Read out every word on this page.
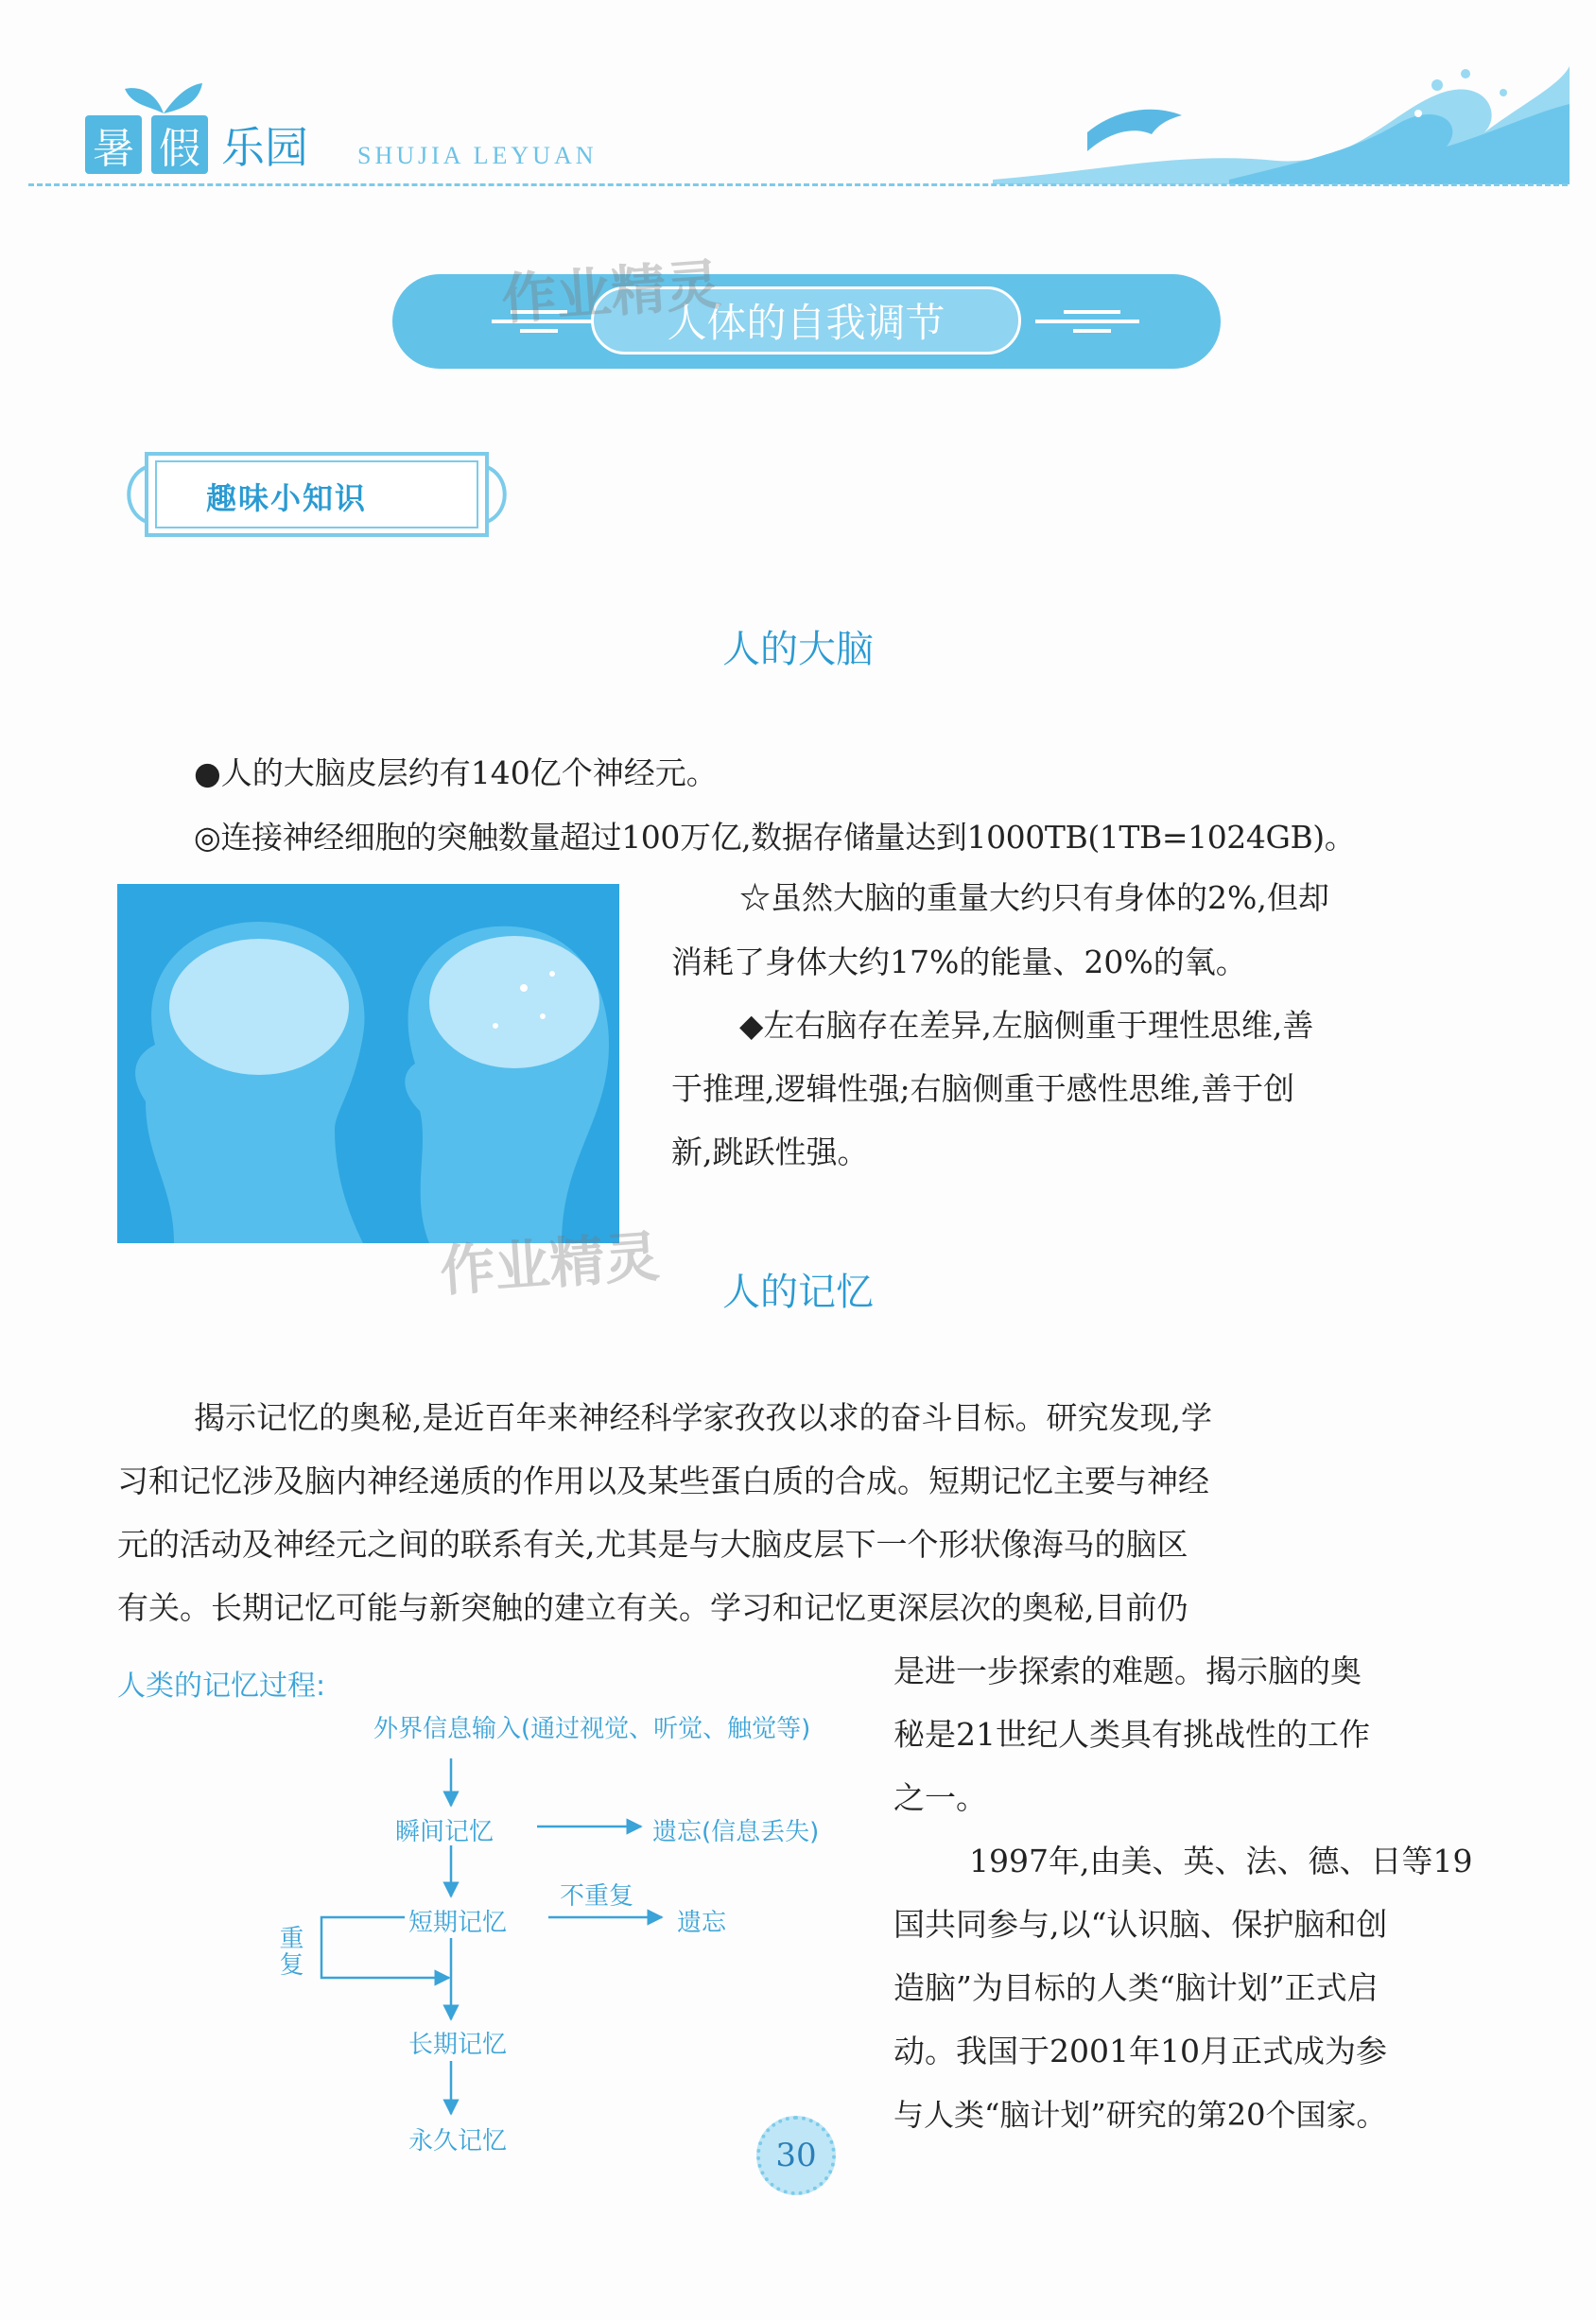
暑 假 乐园 SHUJIA LEYUAN
人体的自我调节
作业精灵
趣味小知识
人的大脑
●人的大脑皮层约有140亿个神经元。
◎连接神经细胞的突触数量超过100万亿,数据存储量达到1000TB(1TB=1024GB)。
☆虽然大脑的重量大约只有身体的2%,但却
消耗了身体大约17%的能量、20%的氧。
◆左右脑存在差异,左脑侧重于理性思维,善
于推理,逻辑性强;右脑侧重于感性思维,善于创
新,跳跃性强。
作业精灵	人的记忆
揭示记忆的奥秘,是近百年来神经科学家孜孜以求的奋斗目标。研究发现,学
习和记忆涉及脑内神经递质的作用以及某些蛋白质的合成。短期记忆主要与神经
元的活动及神经元之间的联系有关,尤其是与大脑皮层下一个形状像海马的脑区
有关。长期记忆可能与新突触的建立有关。学习和记忆更深层次的奥秘,目前仍
是进一步探索的难题。揭示脑的奥
秘是21世纪人类具有挑战性的工作
之一。
1997年,由美、英、法、德、日等19
国共同参与,以“认识脑、保护脑和创
造脑”为目标的人类“脑计划”正式启
动。我国于2001年10月正式成为参
与人类“脑计划”研究的第20个国家。
人类的记忆过程:
外界信息输入(通过视觉、听觉、触觉等)
瞬间记忆	遗忘(信息丢失)
短期记忆
不重复
遗忘
重复
长期记忆
永久记忆	30
